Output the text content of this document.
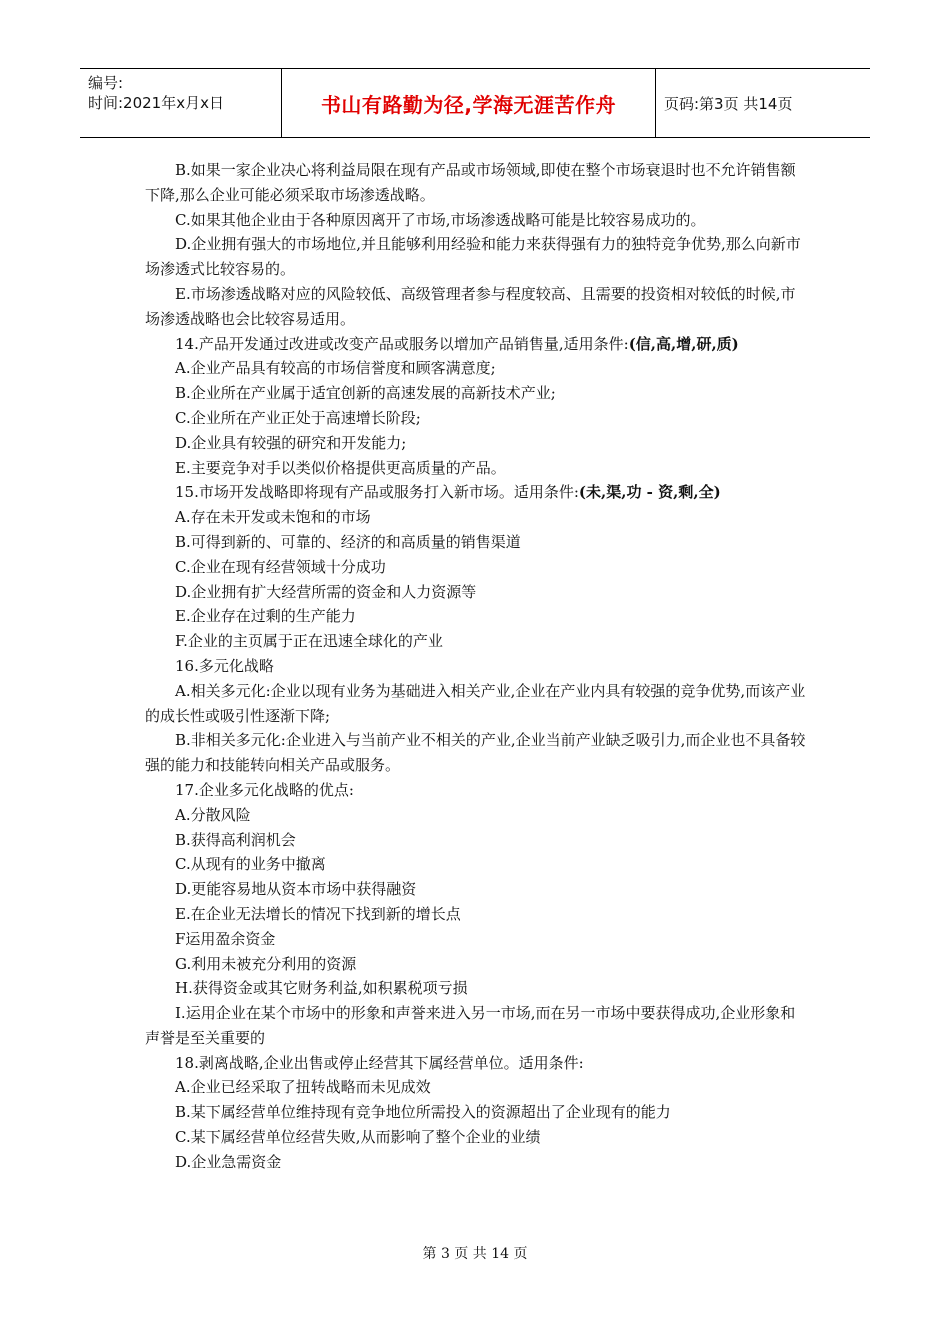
编号:
时间:2021年x月x日	书山有路勤为径,学海无涯苦作舟	页码:第3页 共14页

B.如果一家企业决心将利益局限在现有产品或市场领域,即使在整个市场衰退时也不允许销售额下降,那么企业可能必须采取市场渗透战略。

C.如果其他企业由于各种原因离开了市场,市场渗透战略可能是比较容易成功的。

D.企业拥有强大的市场地位,并且能够利用经验和能力来获得强有力的独特竞争优势,那么向新市场渗透式比较容易的。

E.市场渗透战略对应的风险较低、高级管理者参与程度较高、且需要的投资相对较低的时候,市场渗透战略也会比较容易适用。

14.产品开发通过改进或改变产品或服务以增加产品销售量,适用条件:(信,高,增,研,质)

A.企业产品具有较高的市场信誉度和顾客满意度;

B.企业所在产业属于适宜创新的高速发展的高新技术产业;

C.企业所在产业正处于高速增长阶段;

D.企业具有较强的研究和开发能力;

E.主要竞争对手以类似价格提供更高质量的产品。

15.市场开发战略即将现有产品或服务打入新市场。适用条件:(未,渠,功 - 资,剩,全)

A.存在未开发或未饱和的市场

B.可得到新的、可靠的、经济的和高质量的销售渠道

C.企业在现有经营领域十分成功

D.企业拥有扩大经营所需的资金和人力资源等

E.企业存在过剩的生产能力

F.企业的主页属于正在迅速全球化的产业

16.多元化战略

A.相关多元化:企业以现有业务为基础进入相关产业,企业在产业内具有较强的竞争优势,而该产业的成长性或吸引性逐渐下降;

B.非相关多元化:企业进入与当前产业不相关的产业,企业当前产业缺乏吸引力,而企业也不具备较强的能力和技能转向相关产品或服务。

17.企业多元化战略的优点:

A.分散风险

B.获得高利润机会

C.从现有的业务中撤离

D.更能容易地从资本市场中获得融资

E.在企业无法增长的情况下找到新的增长点

F运用盈余资金

G.利用未被充分利用的资源

H.获得资金或其它财务利益,如积累税项亏损

I.运用企业在某个市场中的形象和声誉来进入另一市场,而在另一市场中要获得成功,企业形象和声誉是至关重要的

18.剥离战略,企业出售或停止经营其下属经营单位。适用条件:

A.企业已经采取了扭转战略而未见成效

B.某下属经营单位维持现有竞争地位所需投入的资源超出了企业现有的能力

C.某下属经营单位经营失败,从而影响了整个企业的业绩

D.企业急需资金

第 3 页 共 14 页
